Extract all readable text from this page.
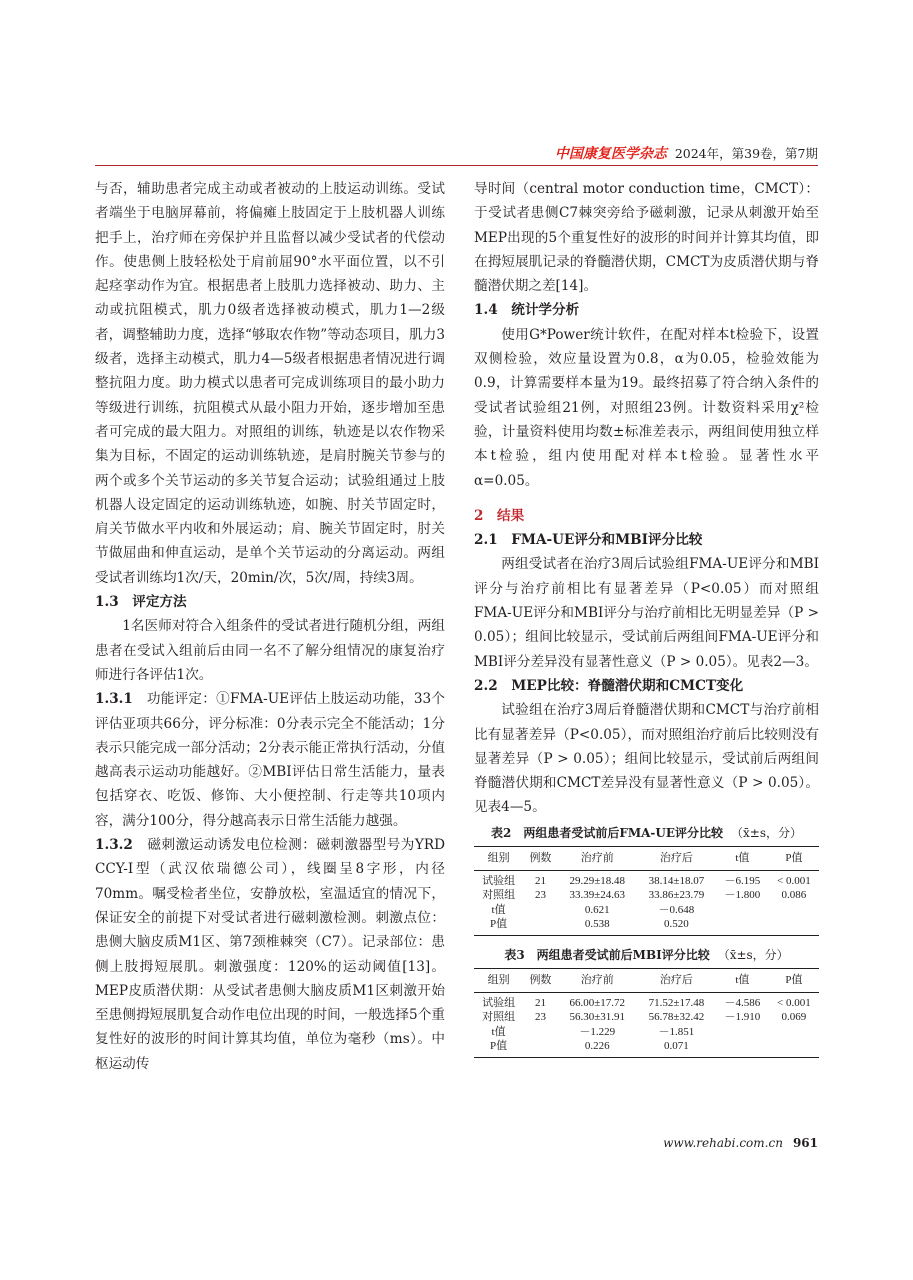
中国康复医学杂志 2024年，第39卷，第7期

与否，辅助患者完成主动或者被动的上肢运动训练。受试者端坐于电脑屏幕前，将偏瘫上肢固定于上肢机器人训练把手上，治疗师在旁保护并且监督以减少受试者的代偿动作。使患侧上肢轻松处于肩前屈90°水平面位置，以不引起痉挛动作为宜。根据患者上肢肌力选择被动、助力、主动或抗阻模式，肌力0级者选择被动模式，肌力1—2级者，调整辅助力度，选择“够取农作物”等动态项目，肌力3级者，选择主动模式，肌力4—5级者根据患者情况进行调整抗阻力度。助力模式以患者可完成训练项目的最小助力等级进行训练，抗阻模式从最小阻力开始，逐步增加至患者可完成的最大阻力。对照组的训练，轨迹是以农作物采集为目标，不固定的运动训练轨迹，是肩肘腕关节参与的两个或多个关节运动的多关节复合运动；试验组通过上肢机器人设定固定的运动训练轨迹，如腕、肘关节固定时，肩关节做水平内收和外展运动；肩、腕关节固定时，肘关节做屈曲和伸直运动，是单个关节运动的分离运动。两组受试者训练均1次/天，20min/次，5次/周，持续3周。

1.3　评定方法

1名医师对符合入组条件的受试者进行随机分组，两组患者在受试入组前后由同一名不了解分组情况的康复治疗师进行各评估1次。

1.3.1　功能评定：①FMA-UE评估上肢运动功能，33个评估亚项共66分，评分标准：0分表示完全不能活动；1分表示只能完成一部分活动；2分表示能正常执行活动，分值越高表示运动功能越好。②MBI评估日常生活能力，量表包括穿衣、吃饭、修饰、大小便控制、行走等共10项内容，满分100分，得分越高表示日常生活能力越强。

1.3.2　磁刺激运动诱发电位检测：磁刺激器型号为YRD CCY-I型（武汉依瑞德公司），线圈呈8字形，内径70mm。嘱受检者坐位，安静放松，室温适宜的情况下，保证安全的前提下对受试者进行磁刺激检测。刺激点位：患侧大脑皮质M1区、第7颈椎棘突（C7）。记录部位：患侧上肢拇短展肌。刺激强度：120%的运动阈值[13]。MEP皮质潜伏期：从受试者患侧大脑皮质M1区刺激开始至患侧拇短展肌复合动作电位出现的时间，一般选择5个重复性好的波形的时间计算其均值，单位为毫秒（ms）。中枢运动传

导时间（central motor conduction time，CMCT）：于受试者患侧C7棘突旁给予磁刺激，记录从刺激开始至MEP出现的5个重复性好的波形的时间并计算其均值，即在拇短展肌记录的脊髓潜伏期，CMCT为皮质潜伏期与脊髓潜伏期之差[14]。

1.4　统计学分析

使用G*Power统计软件，在配对样本t检验下，设置双侧检验，效应量设置为0.8，α为0.05，检验效能为0.9，计算需要样本量为19。最终招募了符合纳入条件的受试者试验组21例，对照组23例。计数资料采用χ²检验，计量资料使用均数±标准差表示，两组间使用独立样本t检验，组内使用配对样本t检验。显著性水平α=0.05。

2　结果

2.1　FMA-UE评分和MBI评分比较

两组受试者在治疗3周后试验组FMA-UE评分和MBI评分与治疗前相比有显著差异（P<0.05）而对照组FMA-UE评分和MBI评分与治疗前相比无明显差异（P > 0.05）；组间比较显示，受试前后两组间FMA-UE评分和MBI评分差异没有显著性意义（P > 0.05）。见表2—3。

2.2　MEP比较：脊髓潜伏期和CMCT变化

试验组在治疗3周后脊髓潜伏期和CMCT与治疗前相比有显著差异（P<0.05），而对照组治疗前后比较则没有显著差异（P > 0.05）；组间比较显示，受试前后两组间脊髓潜伏期和CMCT差异没有显著性意义（P > 0.05）。见表4—5。

表2　两组患者受试前后FMA-UE评分比较 （x̄±s，分）
组别	例数	治疗前	治疗后	t值	P值
试验组	21	29.29±18.48	38.14±18.07	－6.195	< 0.001
对照组	23	33.39±24.63	33.86±23.79	－1.800	0.086
t值		0.621	－0.648		
P值		0.538	0.520		
表3　两组患者受试前后MBI评分比较 （x̄±s，分）
组别	例数	治疗前	治疗后	t值	P值
试验组	21	66.00±17.72	71.52±17.48	－4.586	< 0.001
对照组	23	56.30±31.91	56.78±32.42	－1.910	0.069
t值		－1.229	－1.851		
P值		0.226	0.071		
www.rehabi.com.cn 961
